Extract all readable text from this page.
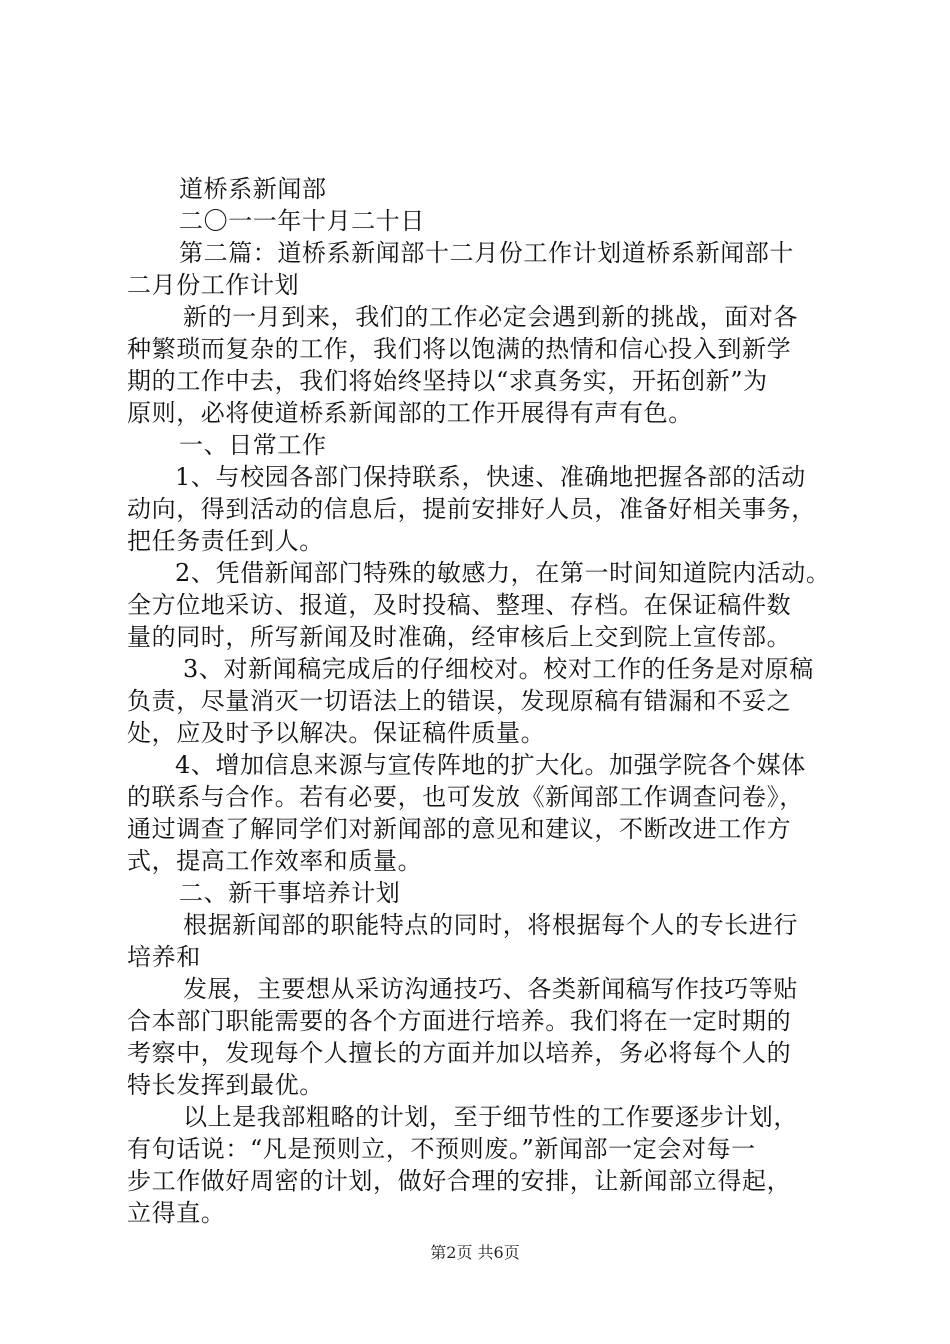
道桥系新闻部

二〇一一年十月二十日

第二篇：道桥系新闻部十二月份工作计划道桥系新闻部十

二月份工作计划

新的一月到来，我们的工作必定会遇到新的挑战，面对各

种繁琐而复杂的工作，我们将以饱满的热情和信心投入到新学

期的工作中去，我们将始终坚持以“求真务实，开拓创新”为

原则，必将使道桥系新闻部的工作开展得有声有色。

一、日常工作

1、与校园各部门保持联系，快速、准确地把握各部的活动

动向，得到活动的信息后，提前安排好人员，准备好相关事务，

把任务责任到人。

2、凭借新闻部门特殊的敏感力，在第一时间知道院内活动。

全方位地采访、报道，及时投稿、整理、存档。在保证稿件数

量的同时，所写新闻及时准确，经审核后上交到院上宣传部。

3、对新闻稿完成后的仔细校对。校对工作的任务是对原稿

负责，尽量消灭一切语法上的错误，发现原稿有错漏和不妥之

处，应及时予以解决。保证稿件质量。

4、增加信息来源与宣传阵地的扩大化。加强学院各个媒体

的联系与合作。若有必要，也可发放《新闻部工作调查问卷》，

通过调查了解同学们对新闻部的意见和建议，不断改进工作方

式，提高工作效率和质量。

二、新干事培养计划

根据新闻部的职能特点的同时，将根据每个人的专长进行

培养和

发展，主要想从采访沟通技巧、各类新闻稿写作技巧等贴

合本部门职能需要的各个方面进行培养。我们将在一定时期的

考察中，发现每个人擅长的方面并加以培养，务必将每个人的

特长发挥到最优。

以上是我部粗略的计划，至于细节性的工作要逐步计划，

有句话说：“凡是预则立，不预则废。”新闻部一定会对每一

步工作做好周密的计划，做好合理的安排，让新闻部立得起，

立得直。

第2页 共6页
